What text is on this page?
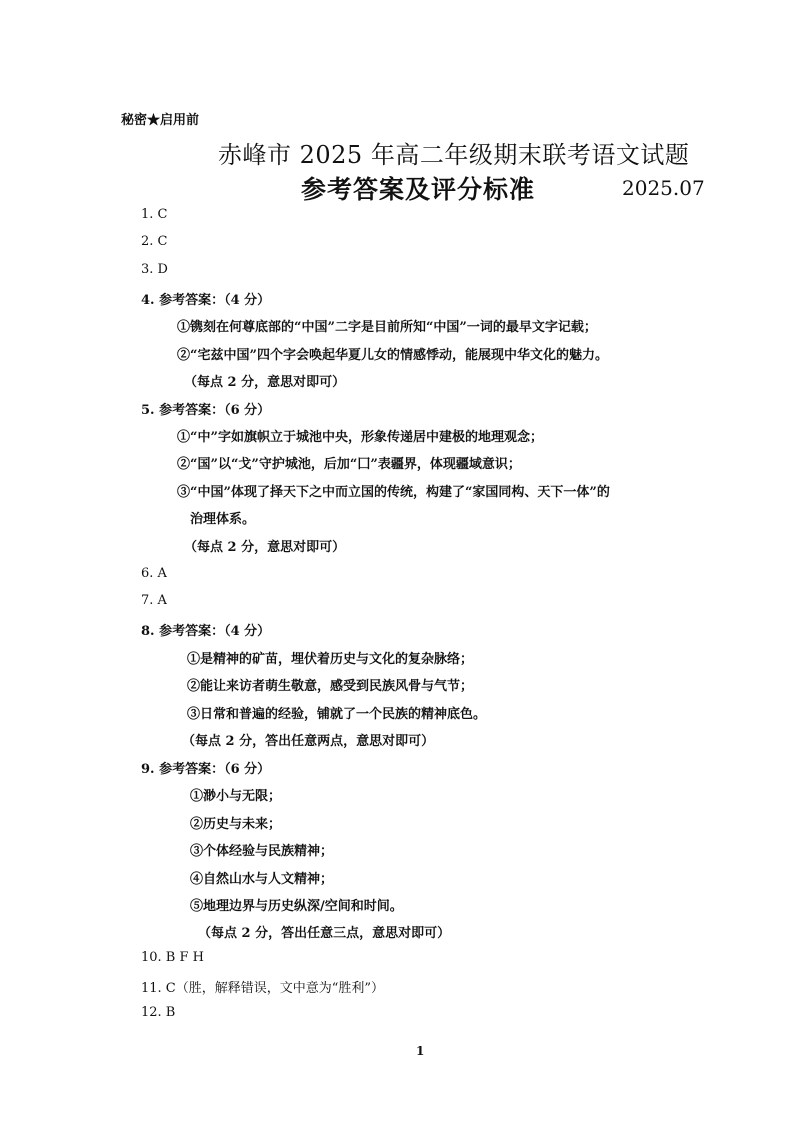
秘密★启用前
赤峰市 2025 年高二年级期末联考语文试题
参考答案及评分标准	2025.07
1. C
2. C
3. D
4. 参考答案：（4 分）
①镌刻在何尊底部的“中国”二字是目前所知“中国”一词的最早文字记载；
②“宅兹中国”四个字会唤起华夏儿女的情感悸动，能展现中华文化的魅力。
（每点 2 分，意思对即可）
5. 参考答案：（6 分）
①“中”字如旗帜立于城池中央，形象传递居中建极的地理观念；
②“国”以“戈”守护城池，后加“囗”表疆界，体现疆域意识；
③“中国”体现了择天下之中而立国的传统，构建了“家国同构、天下一体”的
治理体系。
（每点 2 分，意思对即可）
6. A
7. A
8. 参考答案：（4 分）
①是精神的矿苗，埋伏着历史与文化的复杂脉络；
②能让来访者萌生敬意，感受到民族风骨与气节；
③日常和普遍的经验，铺就了一个民族的精神底色。
（每点 2 分，答出任意两点，意思对即可）
9. 参考答案：（6 分）
①渺小与无限；
②历史与未来；
③个体经验与民族精神；
④自然山水与人文精神；
⑤地理边界与历史纵深/空间和时间。
（每点 2 分，答出任意三点，意思对即可）
10. B F H
11. C（胜，解释错误，文中意为“胜利”）
12. B
1
